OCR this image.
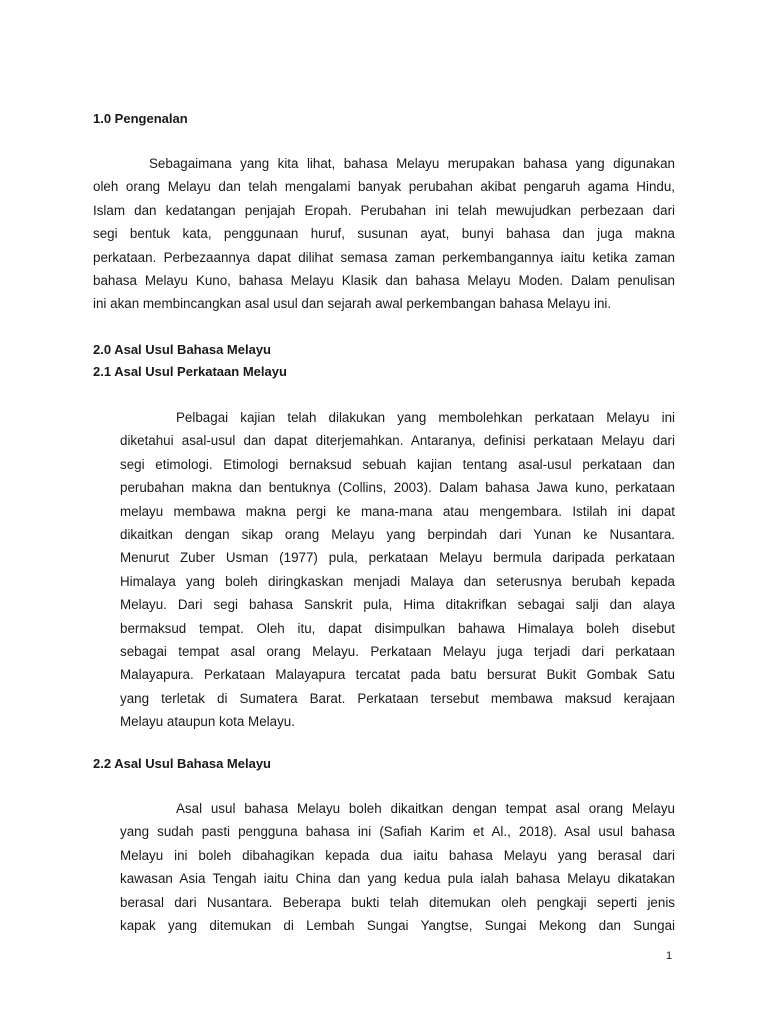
1.0 Pengenalan
Sebagaimana yang kita lihat, bahasa Melayu merupakan bahasa yang digunakan
oleh orang Melayu dan telah mengalami banyak perubahan akibat pengaruh agama Hindu,
Islam dan kedatangan penjajah Eropah. Perubahan ini telah mewujudkan perbezaan dari
segi bentuk kata, penggunaan huruf, susunan ayat, bunyi bahasa dan juga makna
perkataan. Perbezaannya dapat dilihat semasa zaman perkembangannya iaitu ketika zaman
bahasa Melayu Kuno, bahasa Melayu Klasik dan bahasa Melayu Moden. Dalam penulisan
ini akan membincangkan asal usul dan sejarah awal perkembangan bahasa Melayu ini.
2.0 Asal Usul Bahasa Melayu
2.1 Asal Usul Perkataan Melayu
Pelbagai kajian telah dilakukan yang membolehkan perkataan Melayu ini
diketahui asal-usul dan dapat diterjemahkan. Antaranya, definisi perkataan Melayu dari
segi etimologi. Etimologi bernaksud sebuah kajian tentang asal-usul perkataan dan
perubahan makna dan bentuknya (Collins, 2003). Dalam bahasa Jawa kuno, perkataan
melayu membawa makna pergi ke mana-mana atau mengembara. Istilah ini dapat
dikaitkan dengan sikap orang Melayu yang berpindah dari Yunan ke Nusantara.
Menurut Zuber Usman (1977) pula, perkataan Melayu bermula daripada perkataan
Himalaya yang boleh diringkaskan menjadi Malaya dan seterusnya berubah kepada
Melayu. Dari segi bahasa Sanskrit pula, Hima ditakrifkan sebagai salji dan alaya
bermaksud tempat. Oleh itu, dapat disimpulkan bahawa Himalaya boleh disebut
sebagai tempat asal orang Melayu. Perkataan Melayu juga terjadi dari perkataan
Malayapura. Perkataan Malayapura tercatat pada batu bersurat Bukit Gombak Satu
yang terletak di Sumatera Barat. Perkataan tersebut membawa maksud kerajaan
Melayu ataupun kota Melayu.
2.2 Asal Usul Bahasa Melayu
Asal usul bahasa Melayu boleh dikaitkan dengan tempat asal orang Melayu
yang sudah pasti pengguna bahasa ini (Safiah Karim et Al., 2018). Asal usul bahasa
Melayu ini boleh dibahagikan kepada dua iaitu bahasa Melayu yang berasal dari
kawasan Asia Tengah iaitu China dan yang kedua pula ialah bahasa Melayu dikatakan
berasal dari Nusantara. Beberapa bukti telah ditemukan oleh pengkaji seperti jenis
kapak yang ditemukan di Lembah Sungai Yangtse, Sungai Mekong dan Sungai
1
